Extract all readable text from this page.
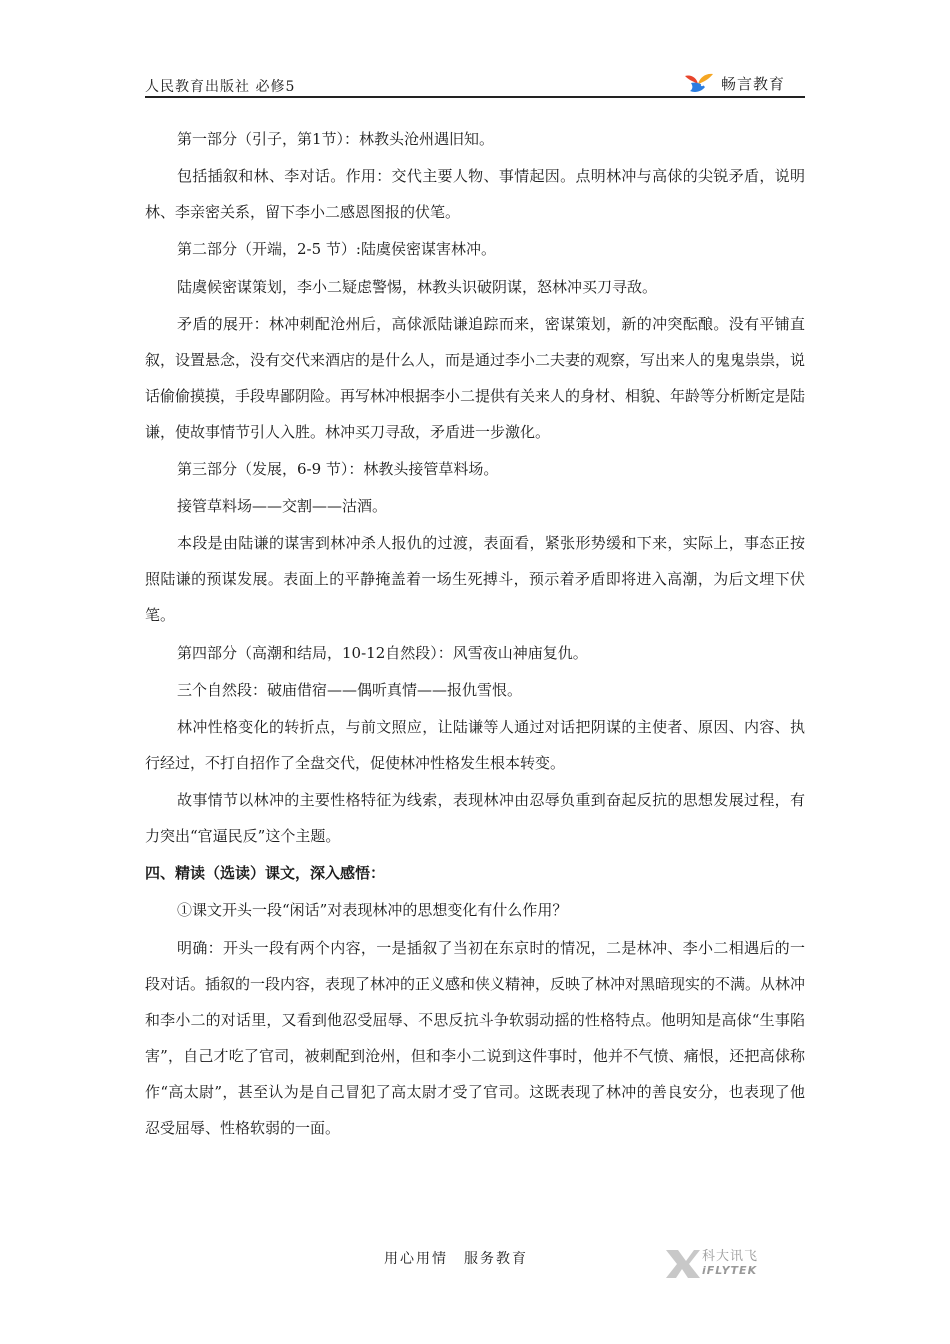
人民教育出版社 必修5	畅言教育

第一部分（引子，第1节）：林教头沧州遇旧知。

包括插叙和林、李对话。作用：交代主要人物、事情起因。点明林冲与高俅的尖锐矛盾，说明林、李亲密关系，留下李小二感恩图报的伏笔。

第二部分（开端，2-5 节）:陆虞侯密谋害林冲。

陆虞候密谋策划，李小二疑虑警惕，林教头识破阴谋，怒林冲买刀寻敌。

矛盾的展开：林冲刺配沧州后，高俅派陆谦追踪而来，密谋策划，新的冲突酝酿。没有平铺直叙，设置悬念，没有交代来酒店的是什么人，而是通过李小二夫妻的观察，写出来人的鬼鬼祟祟，说话偷偷摸摸，手段卑鄙阴险。再写林冲根据李小二提供有关来人的身材、相貌、年龄等分析断定是陆谦，使故事情节引人入胜。林冲买刀寻敌，矛盾进一步激化。

第三部分（发展，6-9 节）：林教头接管草料场。

接管草料场——交割——沽酒。

本段是由陆谦的谋害到林冲杀人报仇的过渡，表面看，紧张形势缓和下来，实际上，事态正按照陆谦的预谋发展。表面上的平静掩盖着一场生死搏斗，预示着矛盾即将进入高潮，为后文埋下伏笔。

第四部分（高潮和结局，10-12自然段）：风雪夜山神庙复仇。

三个自然段：破庙借宿——偶听真情——报仇雪恨。

林冲性格变化的转折点，与前文照应，让陆谦等人通过对话把阴谋的主使者、原因、内容、执行经过，不打自招作了全盘交代，促使林冲性格发生根本转变。

故事情节以林冲的主要性格特征为线索，表现林冲由忍辱负重到奋起反抗的思想发展过程，有力突出“官逼民反”这个主题。

四、精读（选读）课文，深入感悟：

①课文开头一段“闲话”对表现林冲的思想变化有什么作用？

明确：开头一段有两个内容，一是插叙了当初在东京时的情况，二是林冲、李小二相遇后的一段对话。插叙的一段内容，表现了林冲的正义感和侠义精神，反映了林冲对黑暗现实的不满。从林冲和李小二的对话里，又看到他忍受屈辱、不思反抗斗争软弱动摇的性格特点。他明知是高俅“生事陷害”，自己才吃了官司，被刺配到沧州，但和李小二说到这件事时，他并不气愤、痛恨，还把高俅称作“高太尉”，甚至认为是自己冒犯了高太尉才受了官司。这既表现了林冲的善良安分，也表现了他忍受屈辱、性格软弱的一面。

用心用情　服务教育	科大讯飞
iFLYTEK
